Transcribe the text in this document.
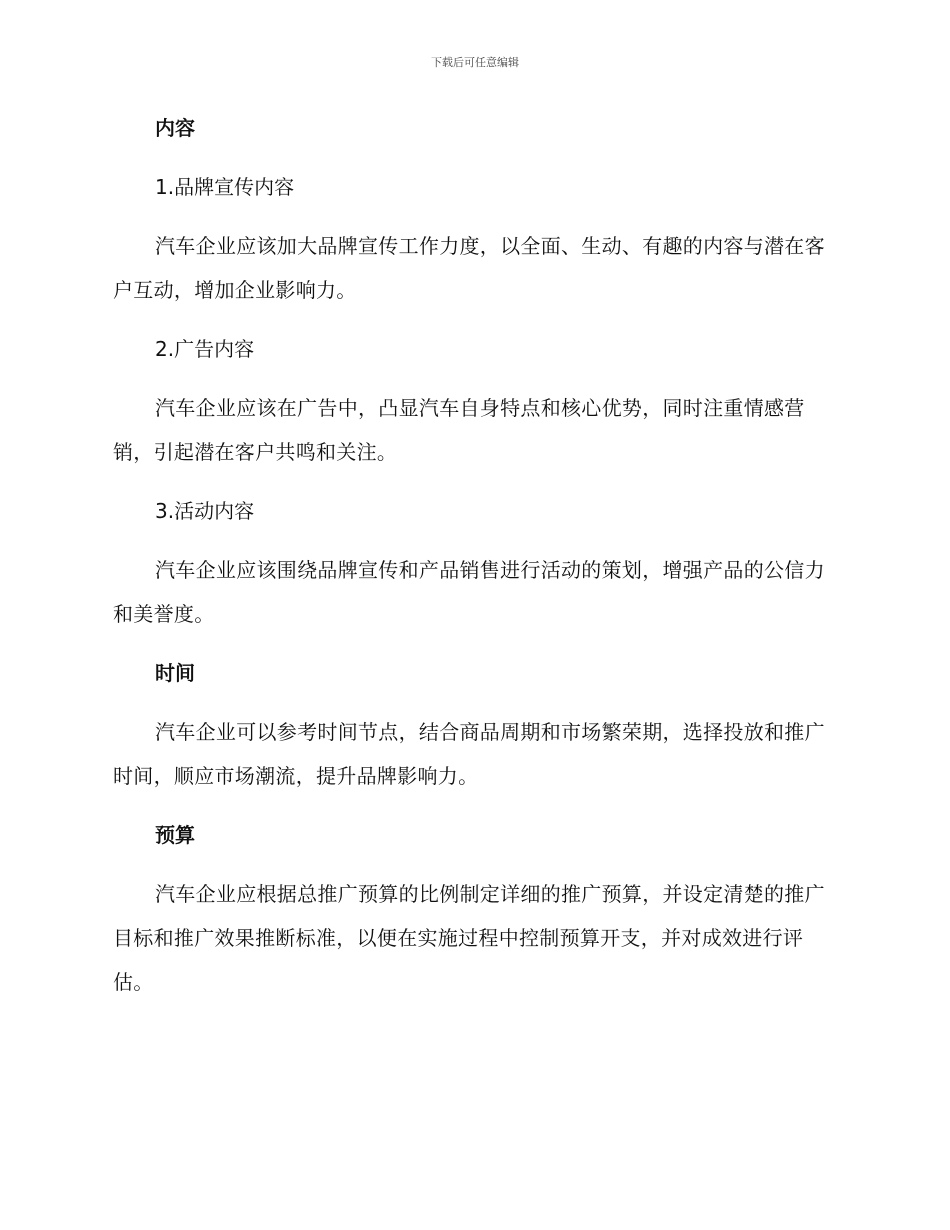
下载后可任意编辑
内容
1.品牌宣传内容
汽车企业应该加大品牌宣传工作力度，以全面、生动、有趣的内容与潜在客户互动，增加企业影响力。
2.广告内容
汽车企业应该在广告中，凸显汽车自身特点和核心优势，同时注重情感营销，引起潜在客户共鸣和关注。
3.活动内容
汽车企业应该围绕品牌宣传和产品销售进行活动的策划，增强产品的公信力和美誉度。
时间
汽车企业可以参考时间节点，结合商品周期和市场繁荣期，选择投放和推广时间，顺应市场潮流，提升品牌影响力。
预算
汽车企业应根据总推广预算的比例制定详细的推广预算，并设定清楚的推广目标和推广效果推断标准，以便在实施过程中控制预算开支，并对成效进行评估。
